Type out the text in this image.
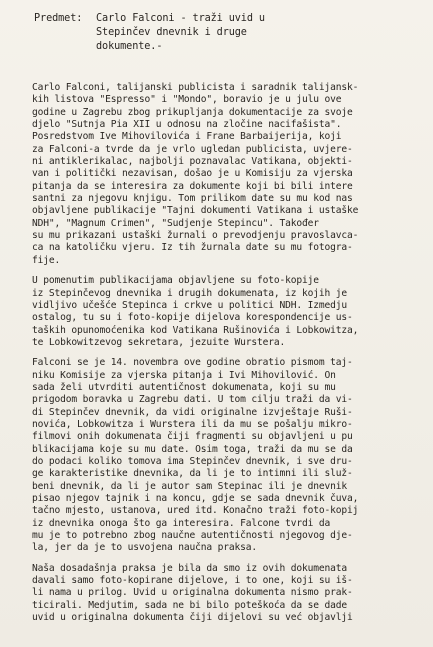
Predmet:	Carlo Falconi - traži uvid u
Stepinčev dnevnik i druge
dokumente.-
Carlo Falconi, talijanski publicista i saradnik talijansk-
kih listova "Espresso" i "Mondo", boravio je u julu ove
godine u Zagrebu zbog prikupljanja dokumentacije za svoje
djelo "Šutnja Pia XII u odnosu na zločine nacifašista".
Posredstvom Ive Mihovilovića i Frane Barbaiјerija, koji
za Falconi-a tvrde da je vrlo ugledan publicista, uvjere-
ni antiklerikalac, najbolji poznavalac Vatikana, objekti-
van i politički nezavisan, došao je u Komisiju za vjerska
pitanja da se interesira za dokumente koji bi bili intere
santni za njegovu knjigu. Tom prilikom date su mu kod nas
objavljene publikacije "Tajni dokumenti Vatikana i ustaške
NDH", "Magnum Crimen", "Sudjenje Stepincu". Također
su mu prikazani ustaški žurnali o prevodjenju pravoslavca-
ca na katoličku vjeru. Iz tih žurnala date su mu fotogra-
fije.
U pomenutim publikacijama objavljene su foto-kopije
iz Stepinčevog dnevnika i drugih dokumenata, iz kojih je
vidljivo učešće Stepinca i crkve u politici NDH. Izmedju
ostalog, tu su i foto-kopije dijelova korespondencije us-
taških opunomoćenika kod Vatikana Rušinovića i Lobkowitza,
te Lobkowitzevog sekretara, jezuite Wurstera.
Falconi se je 14. novembra ove godine obratio pismom taj-
niku Komisije za vjerska pitanja i Ivi Mihovilović. On
sada želi utvrditi autentičnost dokumenata, koji su mu
prigodom boravka u Zagrebu dati. U tom cilju traži da vi-
di Stepinčev dnevnik, da vidi originalne izvještaje Ruši-
novića, Lobkowitza i Wurstera ili da mu se pošalju mikro-
filmovi onih dokumenata čiji fragmenti su objavljeni u pu
blikacijama koje su mu date. Osim toga, traži da mu se da
do podaci koliko tomova ima Stepinčev dnevnik, i sve dru-
ge karakteristike dnevnika, da li je to intimni ili služ-
beni dnevnik, da li je autor sam Stepinac ili je dnevnik
pisao njegov tajnik i na koncu, gdje se sada dnevnik čuva,
tačno mjesto, ustanova, ured itd. Konačno traži foto-kopij
iz dnevnika onoga što ga interesira. Falcone tvrdi da
mu je to potrebno zbog naučne autentičnosti njegovog dje-
la, jer da je to usvojena naučna praksa.
Naša dosadašnja praksa je bila da smo iz ovih dokumenata
davali samo foto-kopirane dijelove, i to one, koji su iš-
li nama u prilog. Uvid u originalna dokumenta nismo prak-
ticirali. Medjutim, sada ne bi bilo poteškoća da se dade
uvid u originalna dokumenta čiji dijelovi su već objavlji
